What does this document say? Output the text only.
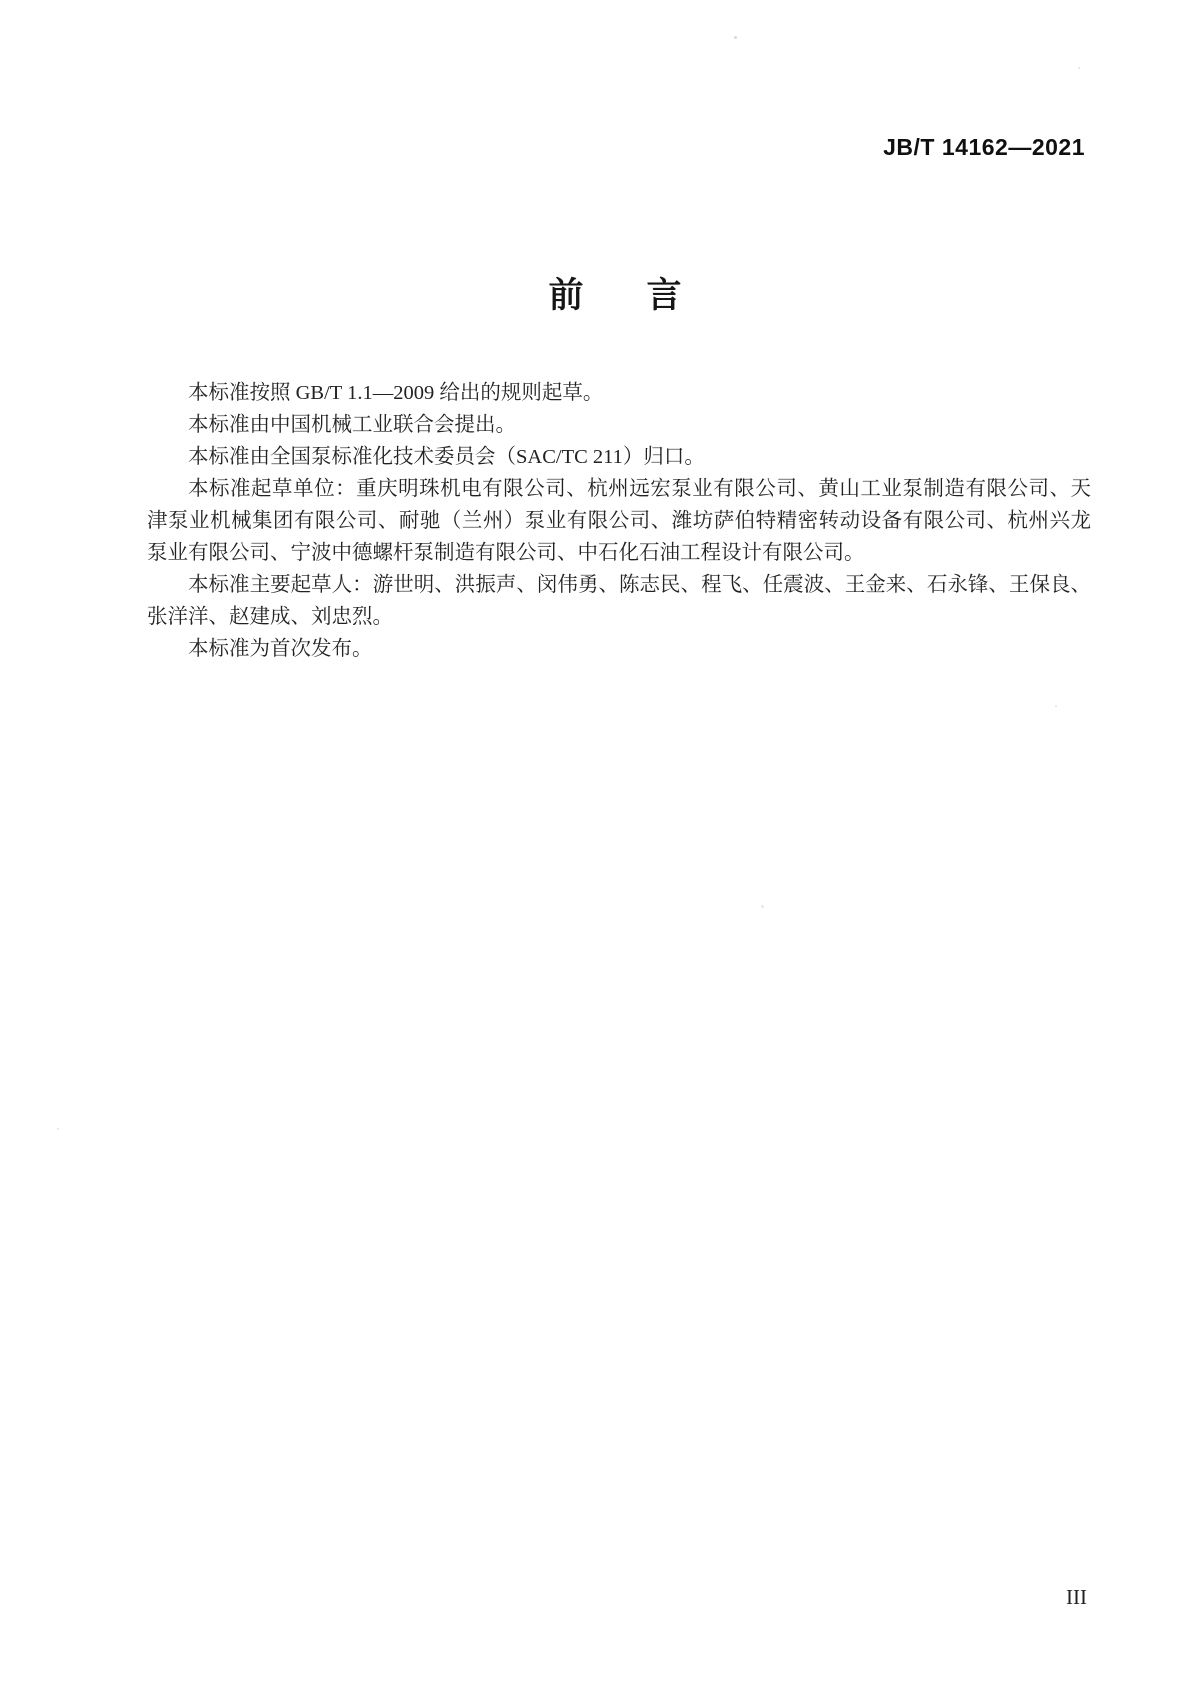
JB/T 14162—2021
前言
本标准按照 GB/T 1.1—2009 给出的规则起草。
本标准由中国机械工业联合会提出。
本标准由全国泵标准化技术委员会（SAC/TC 211）归口。
本标准起草单位：重庆明珠机电有限公司、杭州远宏泵业有限公司、黄山工业泵制造有限公司、天
津泵业机械集团有限公司、耐驰（兰州）泵业有限公司、潍坊萨伯特精密转动设备有限公司、杭州兴龙
泵业有限公司、宁波中德螺杆泵制造有限公司、中石化石油工程设计有限公司。
本标准主要起草人：游世明、洪振声、闵伟勇、陈志民、程飞、任震波、王金来、石永锋、王保良、
张洋洋、赵建成、刘忠烈。
本标准为首次发布。
III
